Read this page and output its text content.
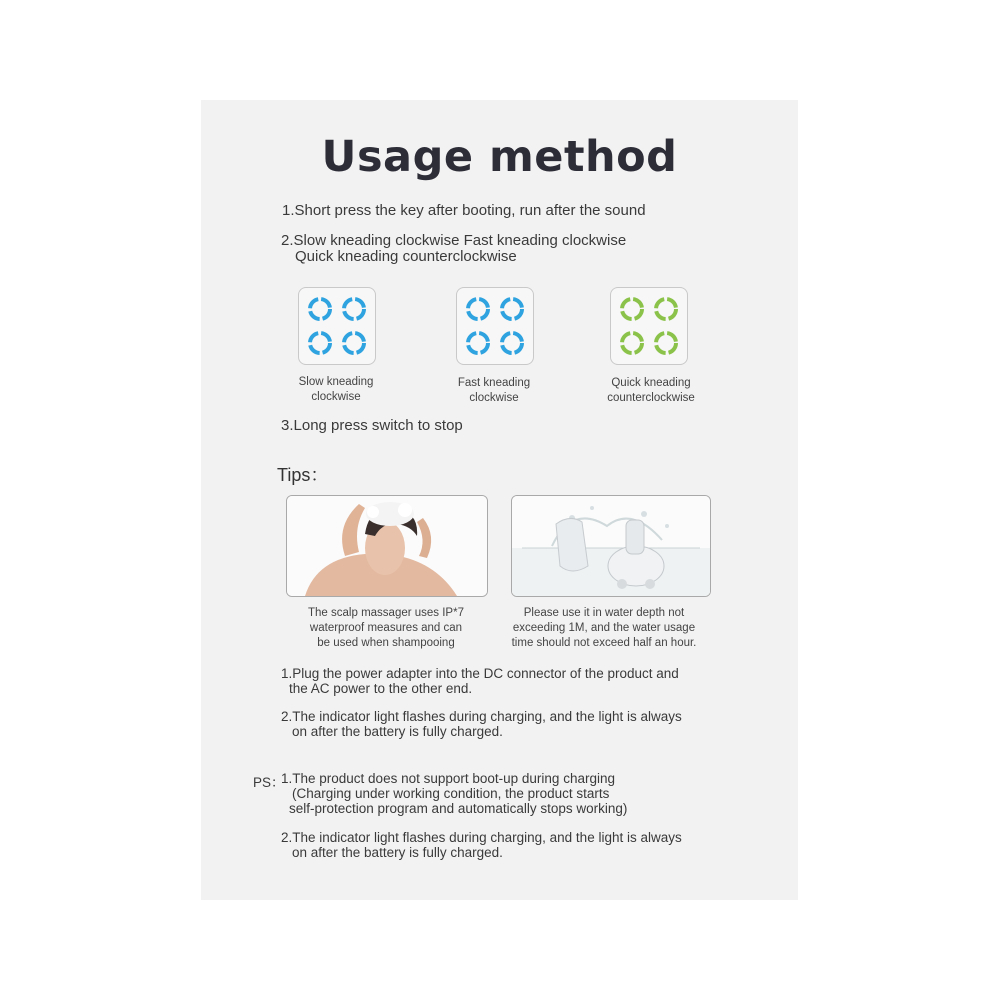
Usage method
1.Short press the key after booting, run after the sound
2.Slow kneading clockwise Fast kneading clockwise
Quick kneading counterclockwise
Slow kneading
clockwise
Fast kneading
clockwise
Quick kneading
counterclockwise
3.Long press switch to stop
Tips：
The scalp massager uses IP*7
waterproof measures and can
be used when shampooing
Please use it in water depth not
exceeding 1M, and the water usage
time should not exceed half an hour.
1.Plug the power adapter into the DC connector of the product and
the AC power to the other end.
2.The indicator light flashes during charging, and the light is always
on after the battery is fully charged.
PS：
1.The product does not support boot-up during charging
(Charging under working condition, the product starts
self-protection program and automatically stops working)
2.The indicator light flashes during charging, and the light is always
on after the battery is fully charged.
